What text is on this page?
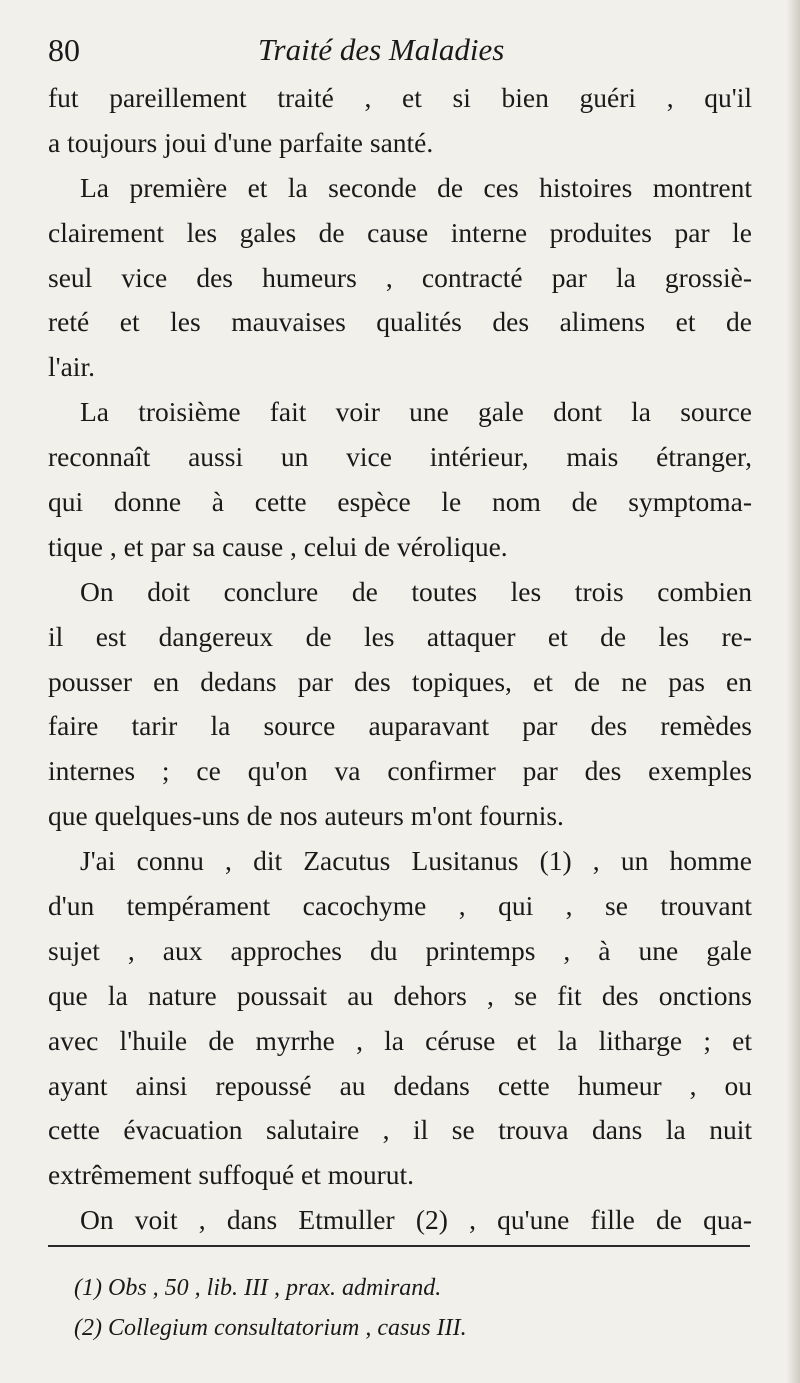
80	Traité des Maladies
fut pareillement traité , et si bien guéri , qu'il
a toujours joui d'une parfaite santé.
La première et la seconde de ces histoires montrent
clairement les gales de cause interne produites par le
seul vice des humeurs , contracté par la grossiè-
reté et les mauvaises qualités des alimens et de
l'air.
La troisième fait voir une gale dont la source
reconnaît aussi un vice intérieur, mais étranger,
qui donne à cette espèce le nom de symptoma-
tique , et par sa cause , celui de vérolique.
On doit conclure de toutes les trois combien
il est dangereux de les attaquer et de les re-
pousser en dedans par des topiques, et de ne pas en
faire tarir la source auparavant par des remèdes
internes ; ce qu'on va confirmer par des exemples
que quelques-uns de nos auteurs m'ont fournis.
J'ai connu , dit Zacutus Lusitanus (1) , un homme
d'un tempérament cacochyme , qui , se trouvant
sujet , aux approches du printemps , à une gale
que la nature poussait au dehors , se fit des onctions
avec l'huile de myrrhe , la céruse et la litharge ; et
ayant ainsi repoussé au dedans cette humeur , ou
cette évacuation salutaire , il se trouva dans la nuit
extrêmement suffoqué et mourut.
On voit , dans Etmuller (2) , qu'une fille de qua-
(1) Obs , 50 , lib. III , prax. admirand.
(2) Collegium consultatorium , casus III.
